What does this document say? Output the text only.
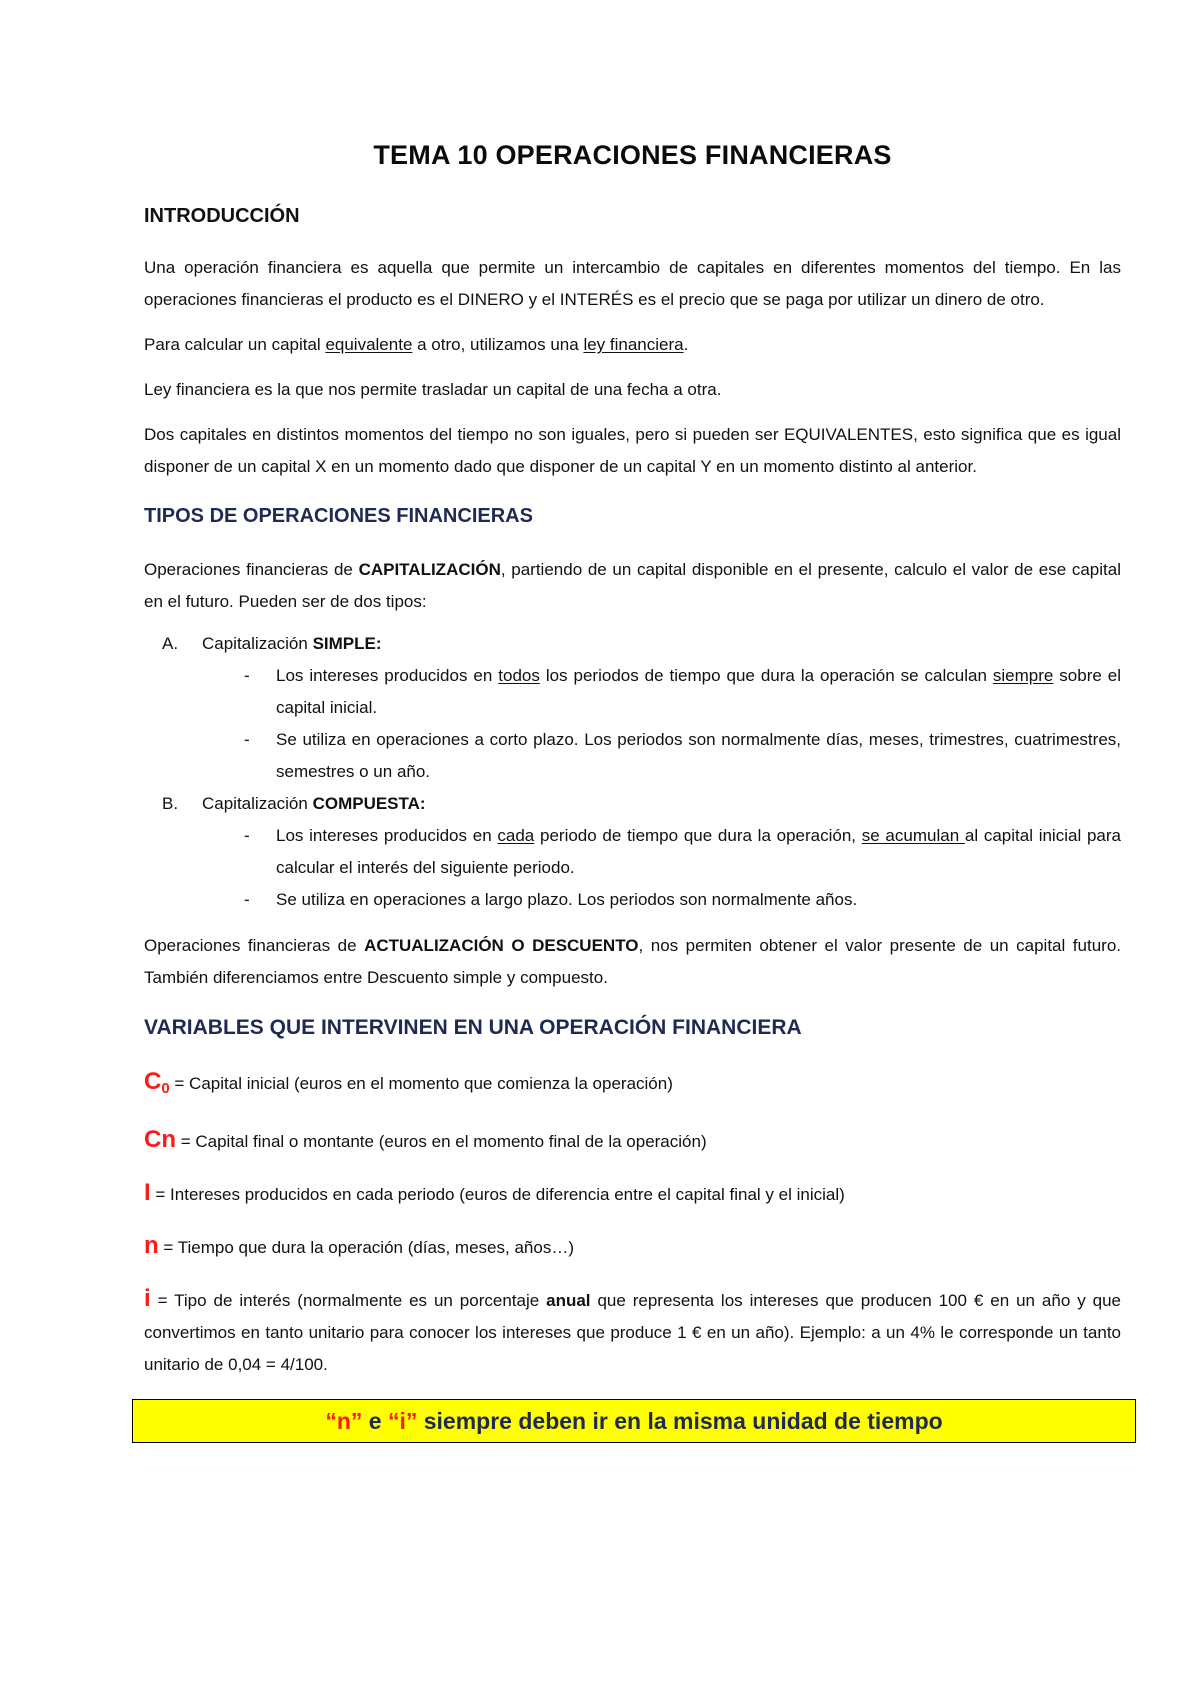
TEMA 10 OPERACIONES FINANCIERAS

INTRODUCCIÓN

Una operación financiera es aquella que permite un intercambio de capitales en diferentes momentos del tiempo. En las operaciones financieras el producto es el DINERO y el INTERÉS es el precio que se paga por utilizar un dinero de otro.

Para calcular un capital equivalente a otro, utilizamos una ley financiera.

Ley financiera es la que nos permite trasladar un capital de una fecha a otra.

Dos capitales en distintos momentos del tiempo no son iguales, pero si pueden ser EQUIVALENTES, esto significa que es igual disponer de un capital X en un momento dado que disponer de un capital Y en un momento distinto al anterior.

TIPOS DE OPERACIONES FINANCIERAS

Operaciones financieras de CAPITALIZACIÓN, partiendo de un capital disponible en el presente, calculo el valor de ese capital en el futuro. Pueden ser de dos tipos:

A. Capitalización SIMPLE:
- Los intereses producidos en todos los periodos de tiempo que dura la operación se calculan siempre sobre el capital inicial.
- Se utiliza en operaciones a corto plazo. Los periodos son normalmente días, meses, trimestres, cuatrimestres, semestres o un año.
B. Capitalización COMPUESTA:
- Los intereses producidos en cada periodo de tiempo que dura la operación, se acumulan al capital inicial para calcular el interés del siguiente periodo.
- Se utiliza en operaciones a largo plazo. Los periodos son normalmente años.

Operaciones financieras de ACTUALIZACIÓN O DESCUENTO, nos permiten obtener el valor presente de un capital futuro. También diferenciamos entre Descuento simple y compuesto.

VARIABLES QUE INTERVINEN EN UNA OPERACIÓN FINANCIERA

$C_0$ = Capital inicial (euros en el momento que comienza la operación)

Cn = Capital final o montante (euros en el momento final de la operación)

I = Intereses producidos en cada periodo (euros de diferencia entre el capital final y el inicial)

n = Tiempo que dura la operación (días, meses, años…)

i = Tipo de interés (normalmente es un porcentaje anual que representa los intereses que producen 100 € en un año y que convertimos en tanto unitario para conocer los intereses que produce 1 € en un año). Ejemplo: a un 4% le corresponde un tanto unitario de 0,04 = 4/100.

“n” e “i” siempre deben ir en la misma unidad de tiempo
